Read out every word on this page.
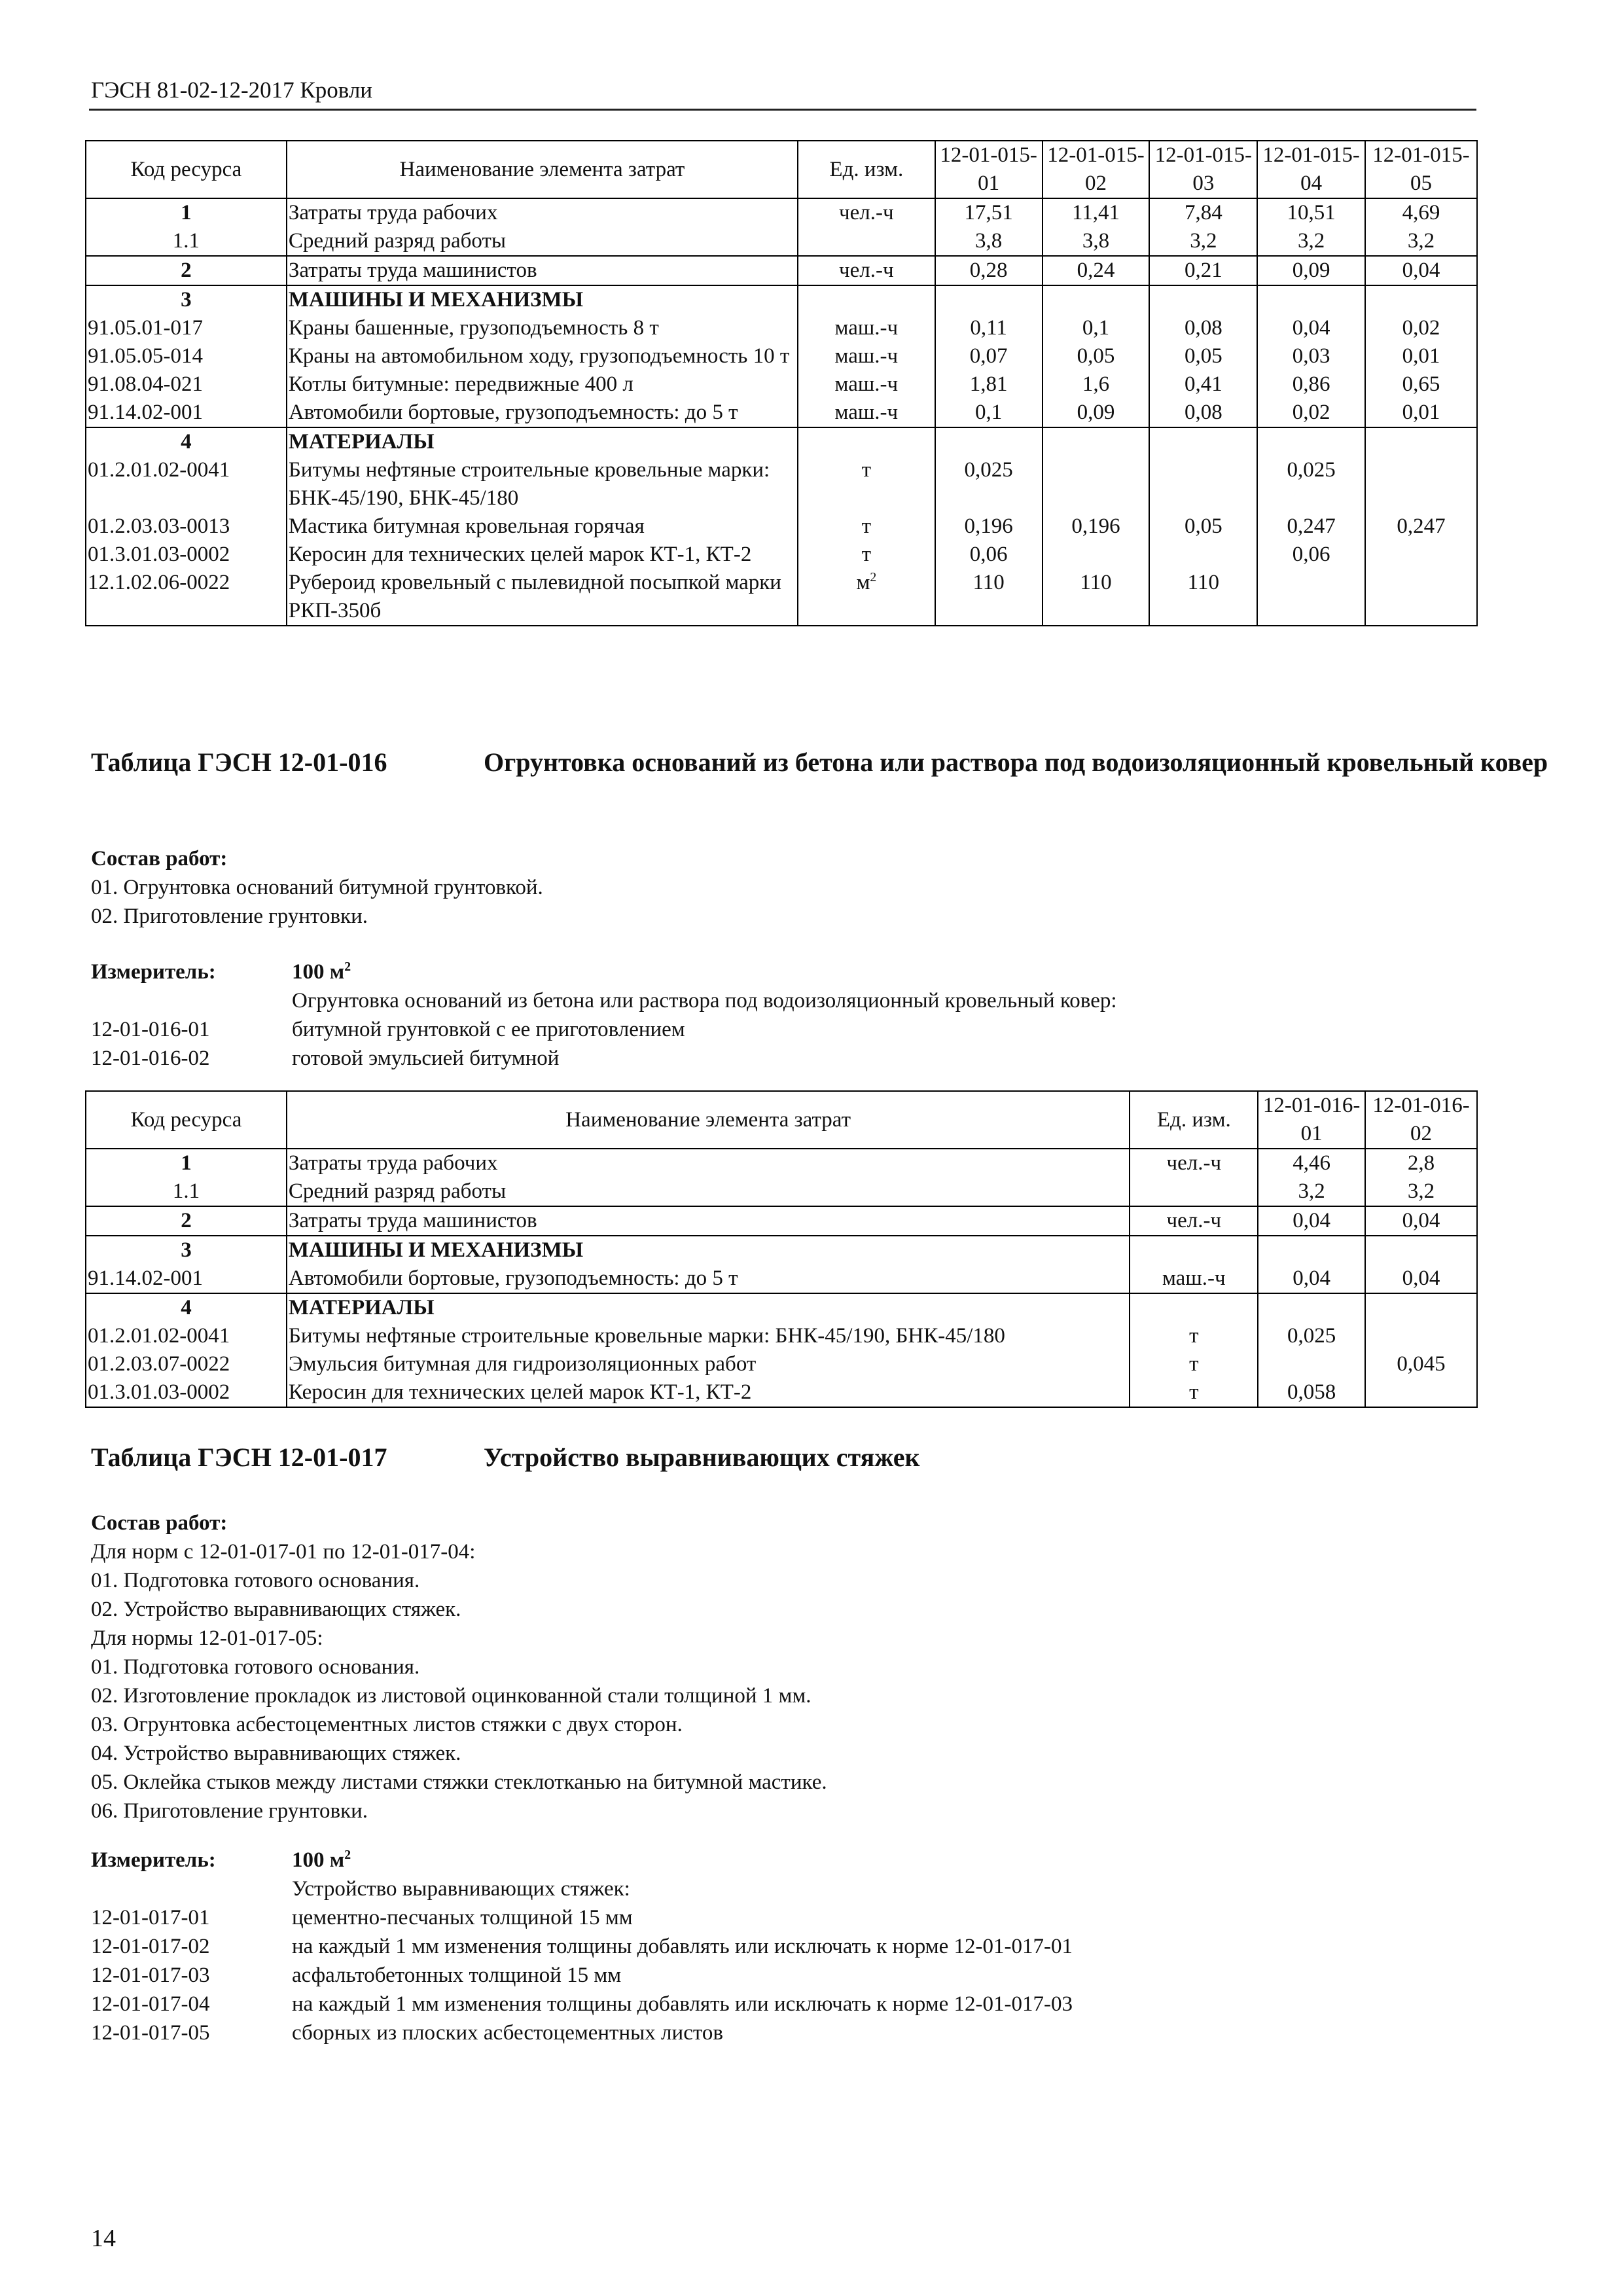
ГЭСН 81-02-12-2017 Кровли
Код ресурса	Наименование элемента затрат	Ед. изм.	12-01-015-01	12-01-015-02	12-01-015-03	12-01-015-04	12-01-015-05
1	Затраты труда рабочих	чел.-ч	17,51	11,41	7,84	10,51	4,69
1.1	Средний разряд работы		3,8	3,8	3,2	3,2	3,2
2	Затраты труда машинистов	чел.-ч	0,28	0,24	0,21	0,09	0,04
3	МАШИНЫ И МЕХАНИЗМЫ						
91.05.01-017	Краны башенные, грузоподъемность 8 т	маш.-ч	0,11	0,1	0,08	0,04	0,02
91.05.05-014	Краны на автомобильном ходу, грузоподъемность 10 т	маш.-ч	0,07	0,05	0,05	0,03	0,01
91.08.04-021	Котлы битумные: передвижные 400 л	маш.-ч	1,81	1,6	0,41	0,86	0,65
91.14.02-001	Автомобили бортовые, грузоподъемность: до 5 т	маш.-ч	0,1	0,09	0,08	0,02	0,01
4	МАТЕРИАЛЫ						
01.2.01.02-0041	Битумы нефтяные строительные кровельные марки: БНК-45/190, БНК-45/180	т	0,025			0,025	
01.2.03.03-0013	Мастика битумная кровельная горячая	т	0,196	0,196	0,05	0,247	0,247
01.3.01.03-0002	Керосин для технических целей марок КТ-1, КТ-2	т	0,06			0,06	
12.1.02.06-0022	Рубероид кровельный с пылевидной посыпкой марки РКП-350б	$м^2$	110	110	110		
Таблица ГЭСН 12-01-016	Огрунтовка оснований из бетона или раствора под водоизоляционный кровельный ковер
Состав работ:
01. Огрунтовка оснований битумной грунтовкой.
02. Приготовление грунтовки.
Измеритель:	100 $м^2$
Огрунтовка оснований из бетона или раствора под водоизоляционный кровельный ковер:
12-01-016-01	битумной грунтовкой с ее приготовлением
12-01-016-02	готовой эмульсией битумной
Код ресурса	Наименование элемента затрат	Ед. изм.	12-01-016-01	12-01-016-02
1	Затраты труда рабочих	чел.-ч	4,46	2,8
1.1	Средний разряд работы		3,2	3,2
2	Затраты труда машинистов	чел.-ч	0,04	0,04
3	МАШИНЫ И МЕХАНИЗМЫ			
91.14.02-001	Автомобили бортовые, грузоподъемность: до 5 т	маш.-ч	0,04	0,04
4	МАТЕРИАЛЫ			
01.2.01.02-0041	Битумы нефтяные строительные кровельные марки: БНК-45/190, БНК-45/180	т	0,025	
01.2.03.07-0022	Эмульсия битумная для гидроизоляционных работ	т		0,045
01.3.01.03-0002	Керосин для технических целей марок КТ-1, КТ-2	т	0,058	
Таблица ГЭСН 12-01-017	Устройство выравнивающих стяжек
Состав работ:
Для норм с 12-01-017-01 по 12-01-017-04:
01. Подготовка готового основания.
02. Устройство выравнивающих стяжек.
Для нормы 12-01-017-05:
01. Подготовка готового основания.
02. Изготовление прокладок из листовой оцинкованной стали толщиной 1 мм.
03. Огрунтовка асбестоцементных листов стяжки с двух сторон.
04. Устройство выравнивающих стяжек.
05. Оклейка стыков между листами стяжки стеклотканью на битумной мастике.
06. Приготовление грунтовки.
Измеритель:	100 $м^2$
Устройство выравнивающих стяжек:
12-01-017-01	цементно-песчаных толщиной 15 мм
12-01-017-02	на каждый 1 мм изменения толщины добавлять или исключать к норме 12-01-017-01
12-01-017-03	асфальтобетонных толщиной 15 мм
12-01-017-04	на каждый 1 мм изменения толщины добавлять или исключать к норме 12-01-017-03
12-01-017-05	сборных из плоских асбестоцементных листов
14
